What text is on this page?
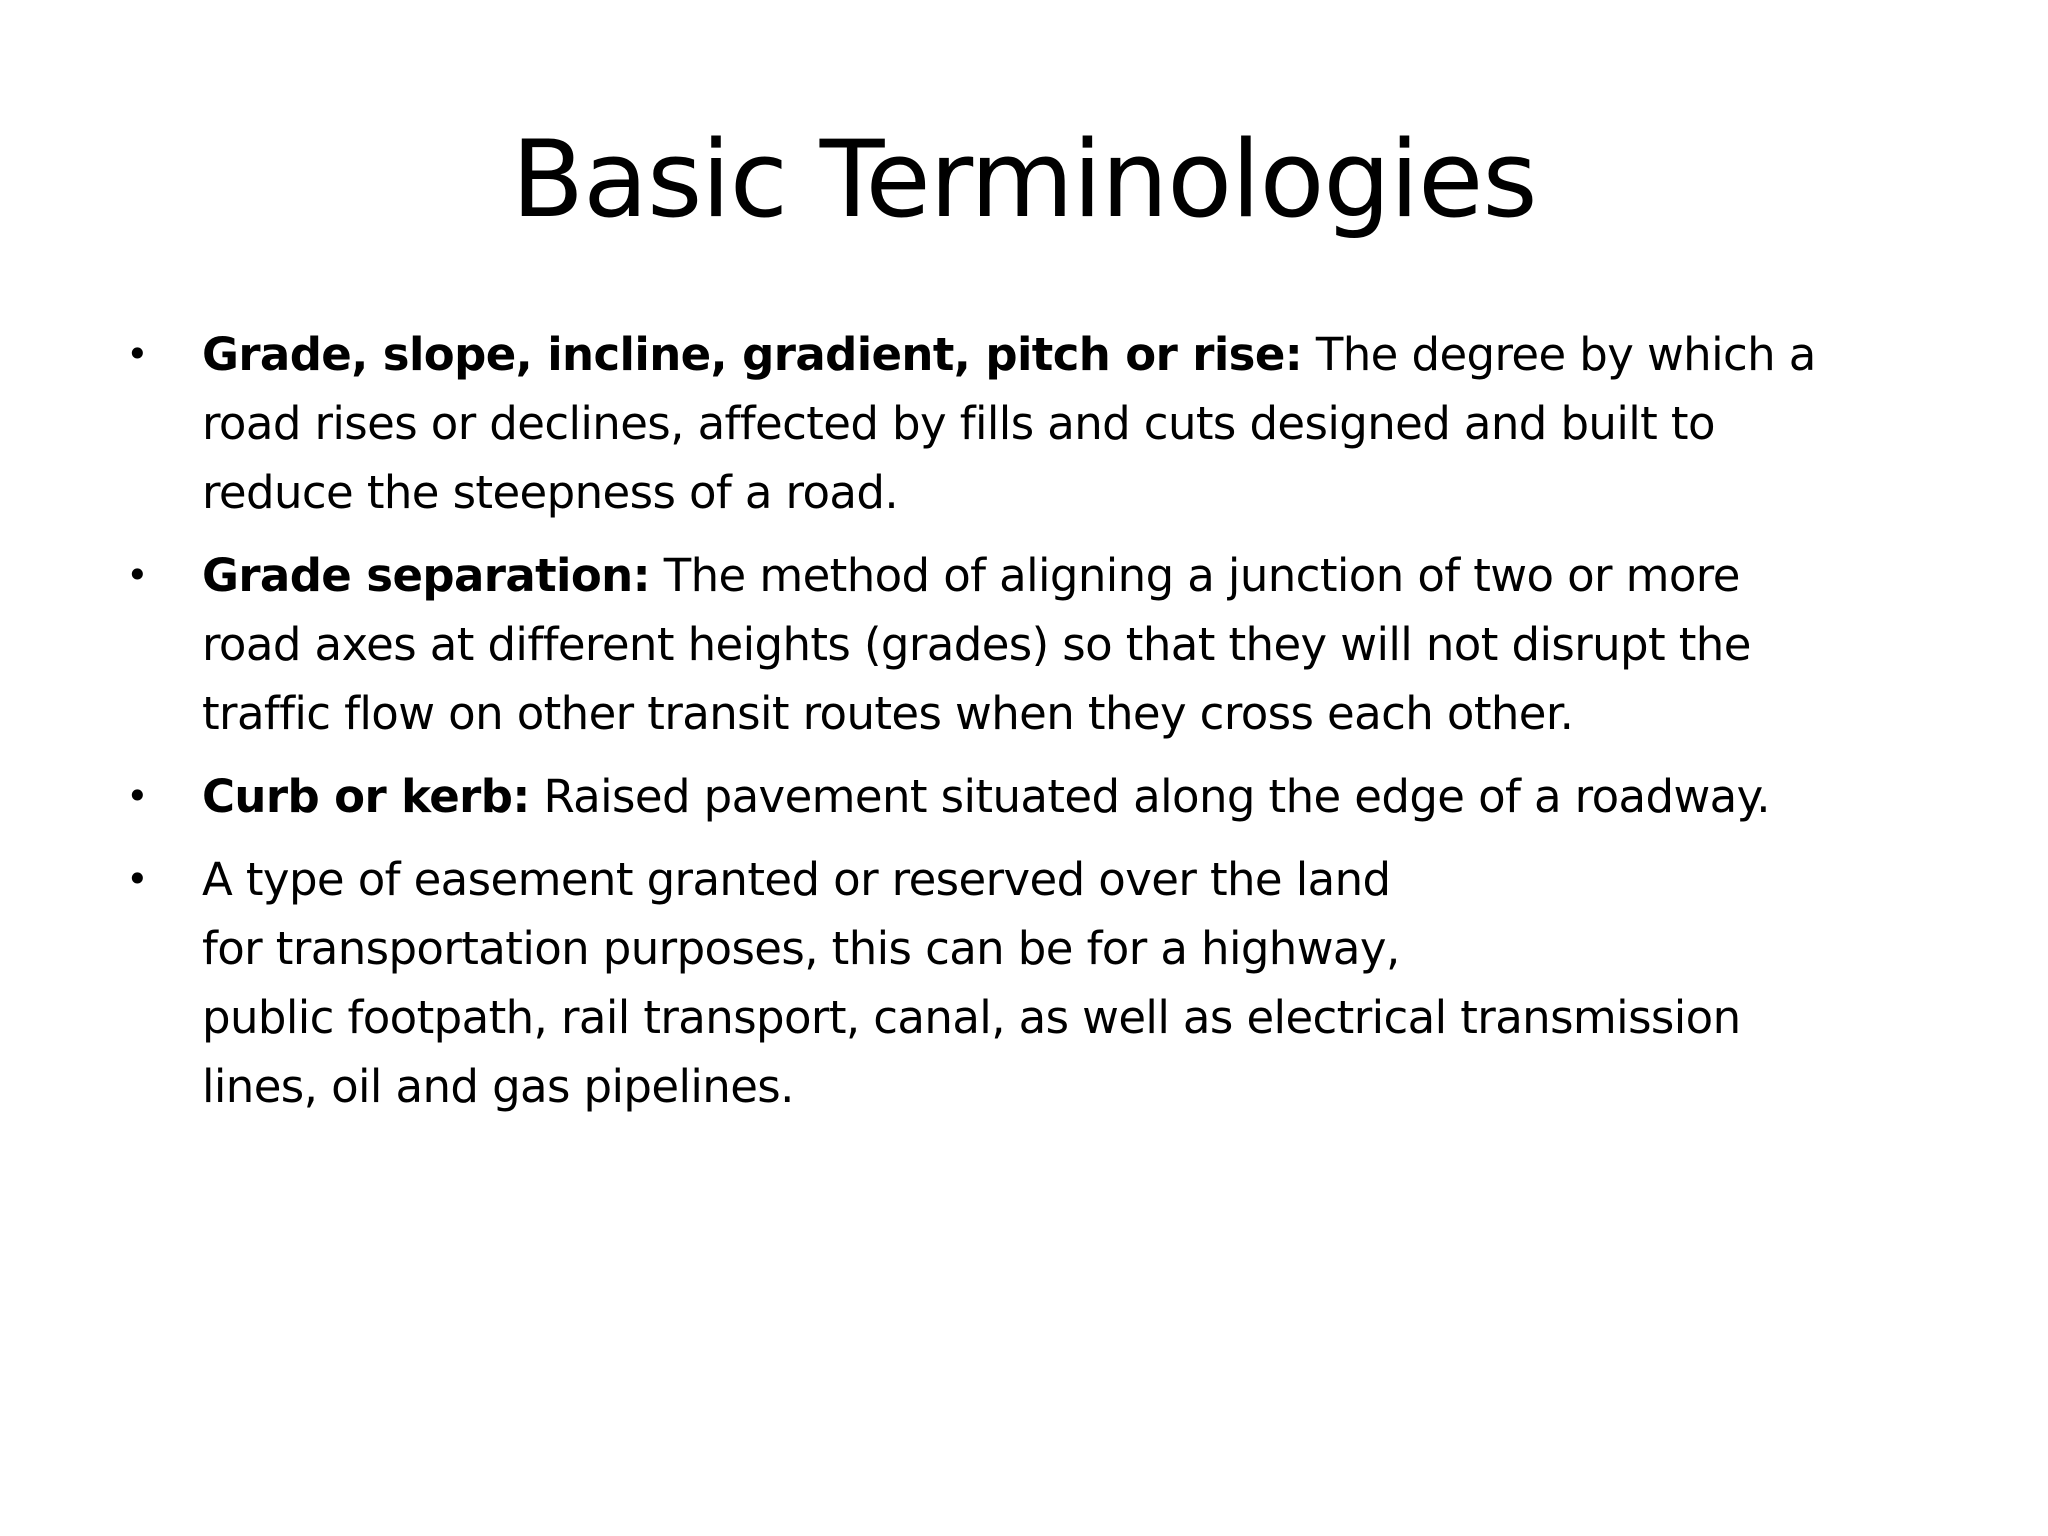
Basic Terminologies
• Grade, slope, incline, gradient, pitch or rise: The degree by which a
road rises or declines, affected by fills and cuts designed and built to
reduce the steepness of a road.
• Grade separation: The method of aligning a junction of two or more
road axes at different heights (grades) so that they will not disrupt the
traffic flow on other transit routes when they cross each other.
• Curb or kerb: Raised pavement situated along the edge of a roadway.
• A type of easement granted or reserved over the land
for transportation purposes, this can be for a highway,
public footpath, rail transport, canal, as well as electrical transmission
lines, oil and gas pipelines.
